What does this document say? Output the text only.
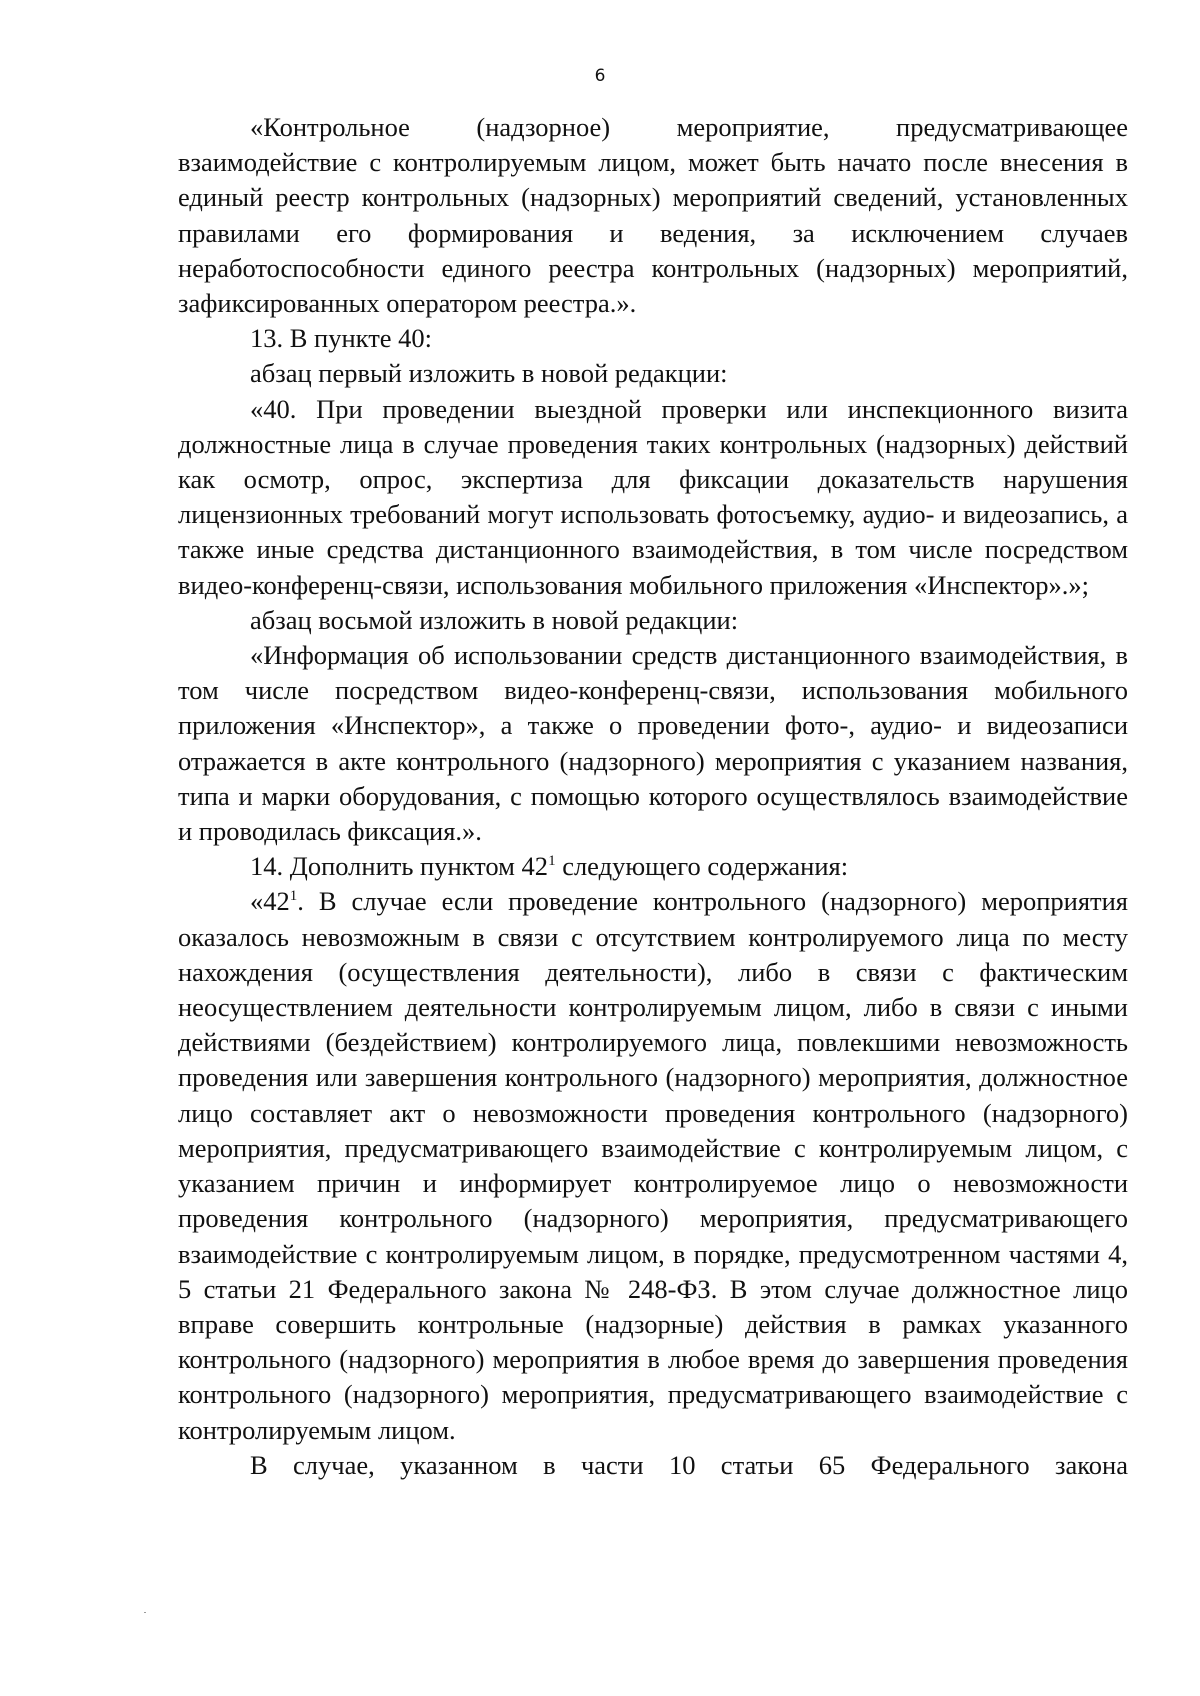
6

«Контрольное (надзорное) мероприятие, предусматривающее взаимодействие с контролируемым лицом, может быть начато после внесения в единый реестр контрольных (надзорных) мероприятий сведений, установленных правилами его формирования и ведения, за исключением случаев неработоспособности единого реестра контрольных (надзорных) мероприятий, зафиксированных оператором реестра.».

13. В пункте 40:

абзац первый изложить в новой редакции:

«40. При проведении выездной проверки или инспекционного визита должностные лица в случае проведения таких контрольных (надзорных) действий как осмотр, опрос, экспертиза для фиксации доказательств нарушения лицензионных требований могут использовать фотосъемку, аудио- и видеозапись, а также иные средства дистанционного взаимодействия, в том числе посредством видео-конференц-связи, использования мобильного приложения «Инспектор».»;

абзац восьмой изложить в новой редакции:

«Информация об использовании средств дистанционного взаимодействия, в том числе посредством видео-конференц-связи, использования мобильного приложения «Инспектор», а также о проведении фото-, аудио- и видеозаписи отражается в акте контрольного (надзорного) мероприятия с указанием названия, типа и марки оборудования, с помощью которого осуществлялось взаимодействие и проводилась фиксация.».

14. Дополнить пунктом $42^1$ следующего содержания:

«$42^1$. В случае если проведение контрольного (надзорного) мероприятия оказалось невозможным в связи с отсутствием контролируемого лица по месту нахождения (осуществления деятельности), либо в связи с фактическим неосуществлением деятельности контролируемым лицом, либо в связи с иными действиями (бездействием) контролируемого лица, повлекшими невозможность проведения или завершения контрольного (надзорного) мероприятия, должностное лицо составляет акт о невозможности проведения контрольного (надзорного) мероприятия, предусматривающего взаимодействие с контролируемым лицом, с указанием причин и информирует контролируемое лицо о невозможности проведения контрольного (надзорного) мероприятия, предусматривающего взаимодействие с контролируемым лицом, в порядке, предусмотренном частями 4, 5 статьи 21 Федерального закона № 248-ФЗ. В этом случае должностное лицо вправе совершить контрольные (надзорные) действия в рамках указанного контрольного (надзорного) мероприятия в любое время до завершения проведения контрольного (надзорного) мероприятия, предусматривающего взаимодействие с контролируемым лицом.

В случае, указанном в части 10 статьи 65 Федерального закона
